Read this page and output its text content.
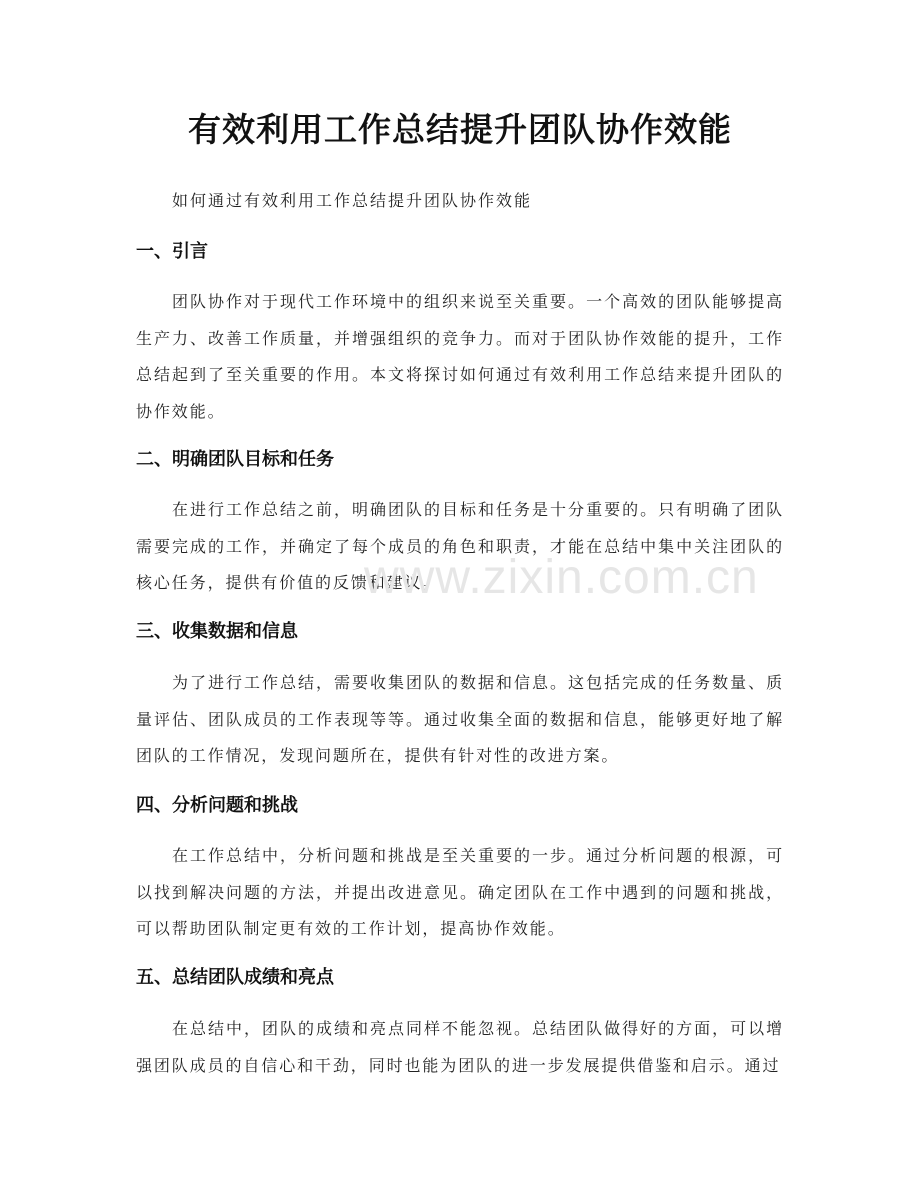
有效利用工作总结提升团队协作效能
如何通过有效利用工作总结提升团队协作效能
一、引言
团队协作对于现代工作环境中的组织来说至关重要。一个高效的团队能够提高生产力、改善工作质量，并增强组织的竞争力。而对于团队协作效能的提升，工作总结起到了至关重要的作用。本文将探讨如何通过有效利用工作总结来提升团队的协作效能。
二、明确团队目标和任务
在进行工作总结之前，明确团队的目标和任务是十分重要的。只有明确了团队需要完成的工作，并确定了每个成员的角色和职责，才能在总结中集中关注团队的核心任务，提供有价值的反馈和建议。
三、收集数据和信息
为了进行工作总结，需要收集团队的数据和信息。这包括完成的任务数量、质量评估、团队成员的工作表现等等。通过收集全面的数据和信息，能够更好地了解团队的工作情况，发现问题所在，提供有针对性的改进方案。
四、分析问题和挑战
在工作总结中，分析问题和挑战是至关重要的一步。通过分析问题的根源，可以找到解决问题的方法，并提出改进意见。确定团队在工作中遇到的问题和挑战，可以帮助团队制定更有效的工作计划，提高协作效能。
五、总结团队成绩和亮点
在总结中，团队的成绩和亮点同样不能忽视。总结团队做得好的方面，可以增强团队成员的自信心和干劲，同时也能为团队的进一步发展提供借鉴和启示。通过
www.zixin.com.cn
